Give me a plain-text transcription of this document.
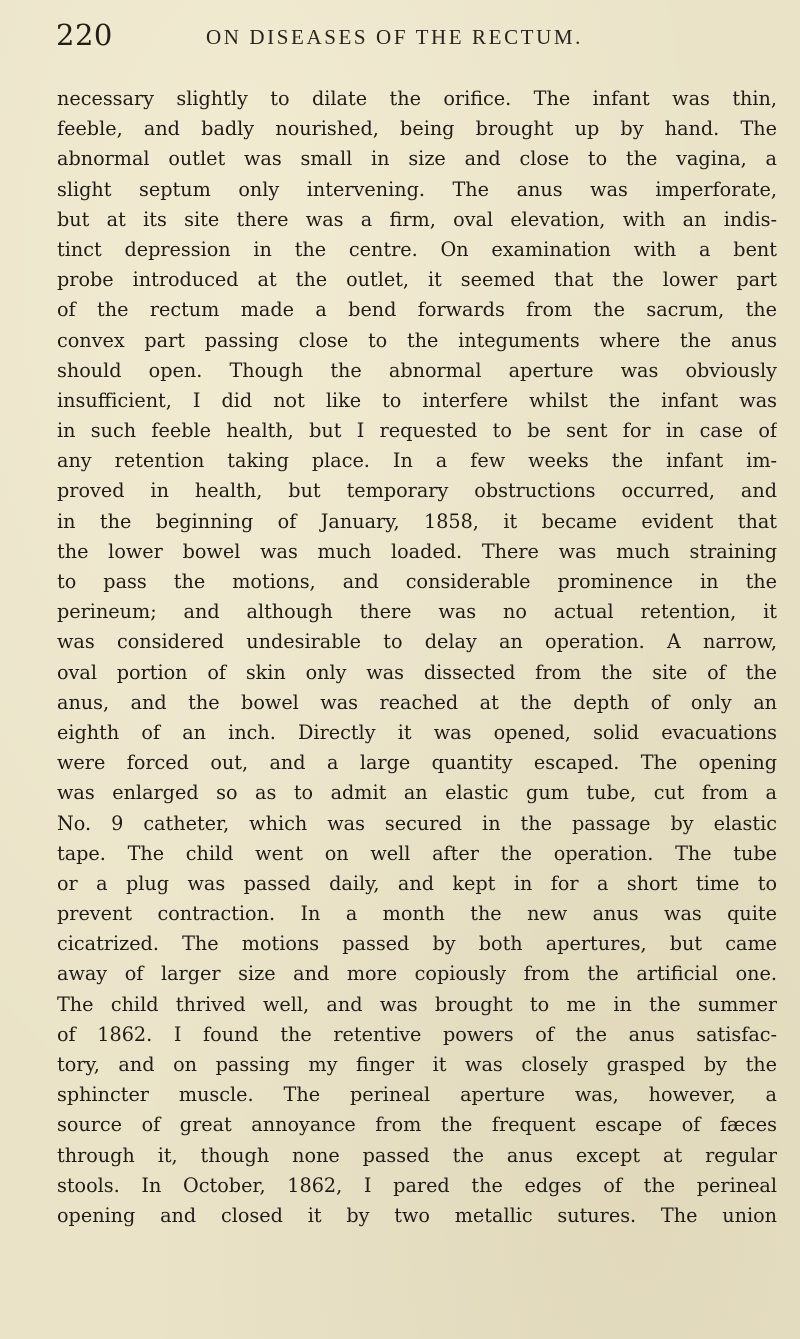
220	ON DISEASES OF THE RECTUM.
necessary slightly to dilate the orifice. The infant was thin,
feeble, and badly nourished, being brought up by hand. The
abnormal outlet was small in size and close to the vagina, a
slight septum only intervening. The anus was imperforate,
but at its site there was a firm, oval elevation, with an indis-
tinct depression in the centre. On examination with a bent
probe introduced at the outlet, it seemed that the lower part
of the rectum made a bend forwards from the sacrum, the
convex part passing close to the integuments where the anus
should open. Though the abnormal aperture was obviously
insufficient, I did not like to interfere whilst the infant was
in such feeble health, but I requested to be sent for in case of
any retention taking place. In a few weeks the infant im-
proved in health, but temporary obstructions occurred, and
in the beginning of January, 1858, it became evident that
the lower bowel was much loaded. There was much straining
to pass the motions, and considerable prominence in the
perineum; and although there was no actual retention, it
was considered undesirable to delay an operation. A narrow,
oval portion of skin only was dissected from the site of the
anus, and the bowel was reached at the depth of only an
eighth of an inch. Directly it was opened, solid evacuations
were forced out, and a large quantity escaped. The opening
was enlarged so as to admit an elastic gum tube, cut from a
No. 9 catheter, which was secured in the passage by elastic
tape. The child went on well after the operation. The tube
or a plug was passed daily, and kept in for a short time to
prevent contraction. In a month the new anus was quite
cicatrized. The motions passed by both apertures, but came
away of larger size and more copiously from the artificial one.
The child thrived well, and was brought to me in the summer
of 1862. I found the retentive powers of the anus satisfac-
tory, and on passing my finger it was closely grasped by the
sphincter muscle. The perineal aperture was, however, a
source of great annoyance from the frequent escape of fæces
through it, though none passed the anus except at regular
stools. In October, 1862, I pared the edges of the perineal
opening and closed it by two metallic sutures. The union
